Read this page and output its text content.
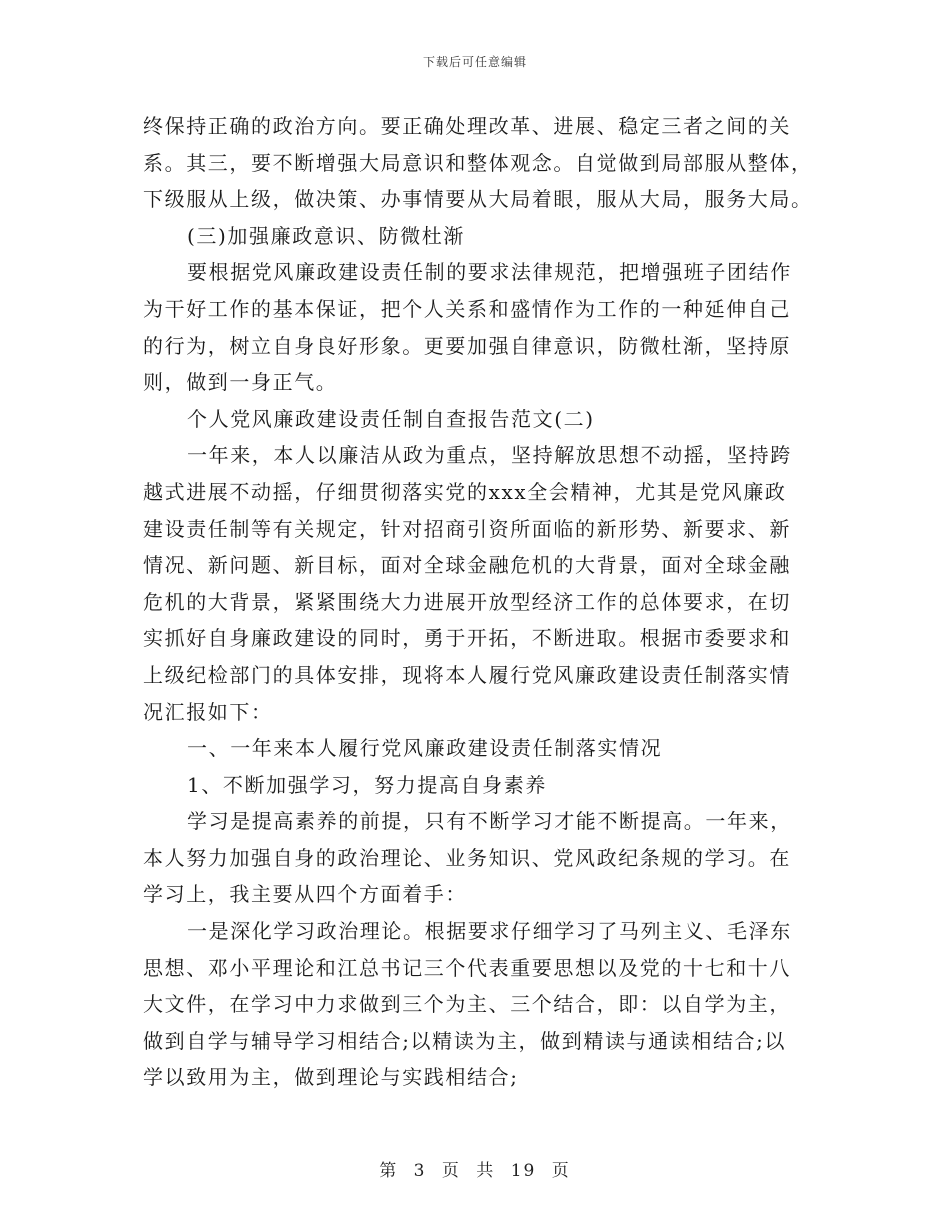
下载后可任意编辑
终保持正确的政治方向。要正确处理改革、进展、稳定三者之间的关
系。其三，要不断增强大局意识和整体观念。自觉做到局部服从整体，
下级服从上级，做决策、办事情要从大局着眼，服从大局，服务大局。
(三)加强廉政意识、防微杜渐
要根据党风廉政建设责任制的要求法律规范，把增强班子团结作
为干好工作的基本保证，把个人关系和盛情作为工作的一种延伸自己
的行为，树立自身良好形象。更要加强自律意识，防微杜渐，坚持原
则，做到一身正气。
个人党风廉政建设责任制自查报告范文(二)
一年来，本人以廉洁从政为重点，坚持解放思想不动摇，坚持跨
越式进展不动摇，仔细贯彻落实党的xxx全会精神，尤其是党风廉政
建设责任制等有关规定，针对招商引资所面临的新形势、新要求、新
情况、新问题、新目标，面对全球金融危机的大背景，面对全球金融
危机的大背景，紧紧围绕大力进展开放型经济工作的总体要求，在切
实抓好自身廉政建设的同时，勇于开拓，不断进取。根据市委要求和
上级纪检部门的具体安排，现将本人履行党风廉政建设责任制落实情
况汇报如下：
一、一年来本人履行党风廉政建设责任制落实情况
1、不断加强学习，努力提高自身素养
学习是提高素养的前提，只有不断学习才能不断提高。一年来，
本人努力加强自身的政治理论、业务知识、党风政纪条规的学习。在
学习上，我主要从四个方面着手：
一是深化学习政治理论。根据要求仔细学习了马列主义、毛泽东
思想、邓小平理论和江总书记三个代表重要思想以及党的十七和十八
大文件，在学习中力求做到三个为主、三个结合，即：以自学为主，
做到自学与辅导学习相结合;以精读为主，做到精读与通读相结合;以
学以致用为主，做到理论与实践相结合;
第 3 页 共 19 页
